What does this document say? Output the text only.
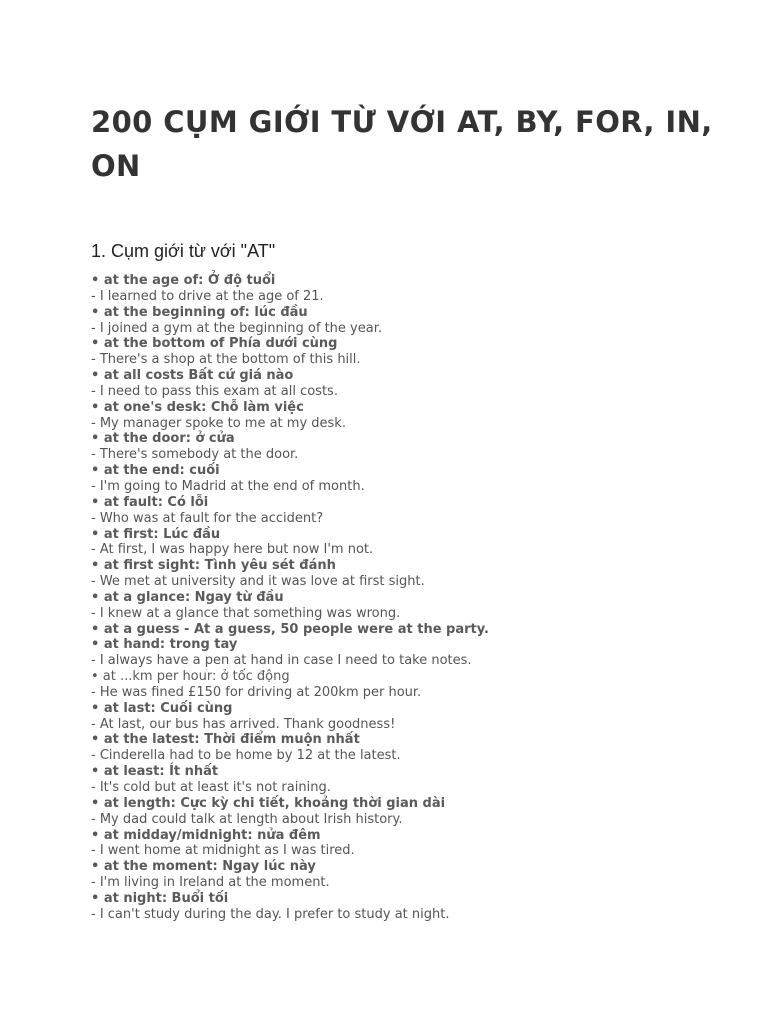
200 CỤM GIỚI TỪ VỚI AT, BY, FOR, IN, ON
1. Cụm giới từ với "AT"
• at the age of: Ở độ tuổi
- I learned to drive at the age of 21.
• at the beginning of: lúc đầu
- I joined a gym at the beginning of the year.
• at the bottom of Phía dưới cùng
- There's a shop at the bottom of this hill.
• at all costs Bất cứ giá nào
- I need to pass this exam at all costs.
• at one's desk: Chỗ làm việc
- My manager spoke to me at my desk.
• at the door: ở cửa
- There's somebody at the door.
• at the end: cuối
- I'm going to Madrid at the end of month.
• at fault: Có lỗi
- Who was at fault for the accident?
• at first: Lúc đầu
- At first, I was happy here but now I'm not.
• at first sight: Tình yêu sét đánh
- We met at university and it was love at first sight.
• at a glance: Ngay từ đầu
- I knew at a glance that something was wrong.
• at a guess - At a guess, 50 people were at the party.
• at hand: trong tay
- I always have a pen at hand in case I need to take notes.
• at ...km per hour: ở tốc động
- He was fined £150 for driving at 200km per hour.
• at last: Cuối cùng
- At last, our bus has arrived. Thank goodness!
• at the latest: Thời điểm muộn nhất
- Cinderella had to be home by 12 at the latest.
• at least: Ít nhất
- It's cold but at least it's not raining.
• at length: Cực kỳ chi tiết, khoảng thời gian dài
- My dad could talk at length about Irish history.
• at midday/midnight: nửa đêm
- I went home at midnight as I was tired.
• at the moment: Ngay lúc này
- I'm living in Ireland at the moment.
• at night: Buổi tối
- I can't study during the day. I prefer to study at night.
